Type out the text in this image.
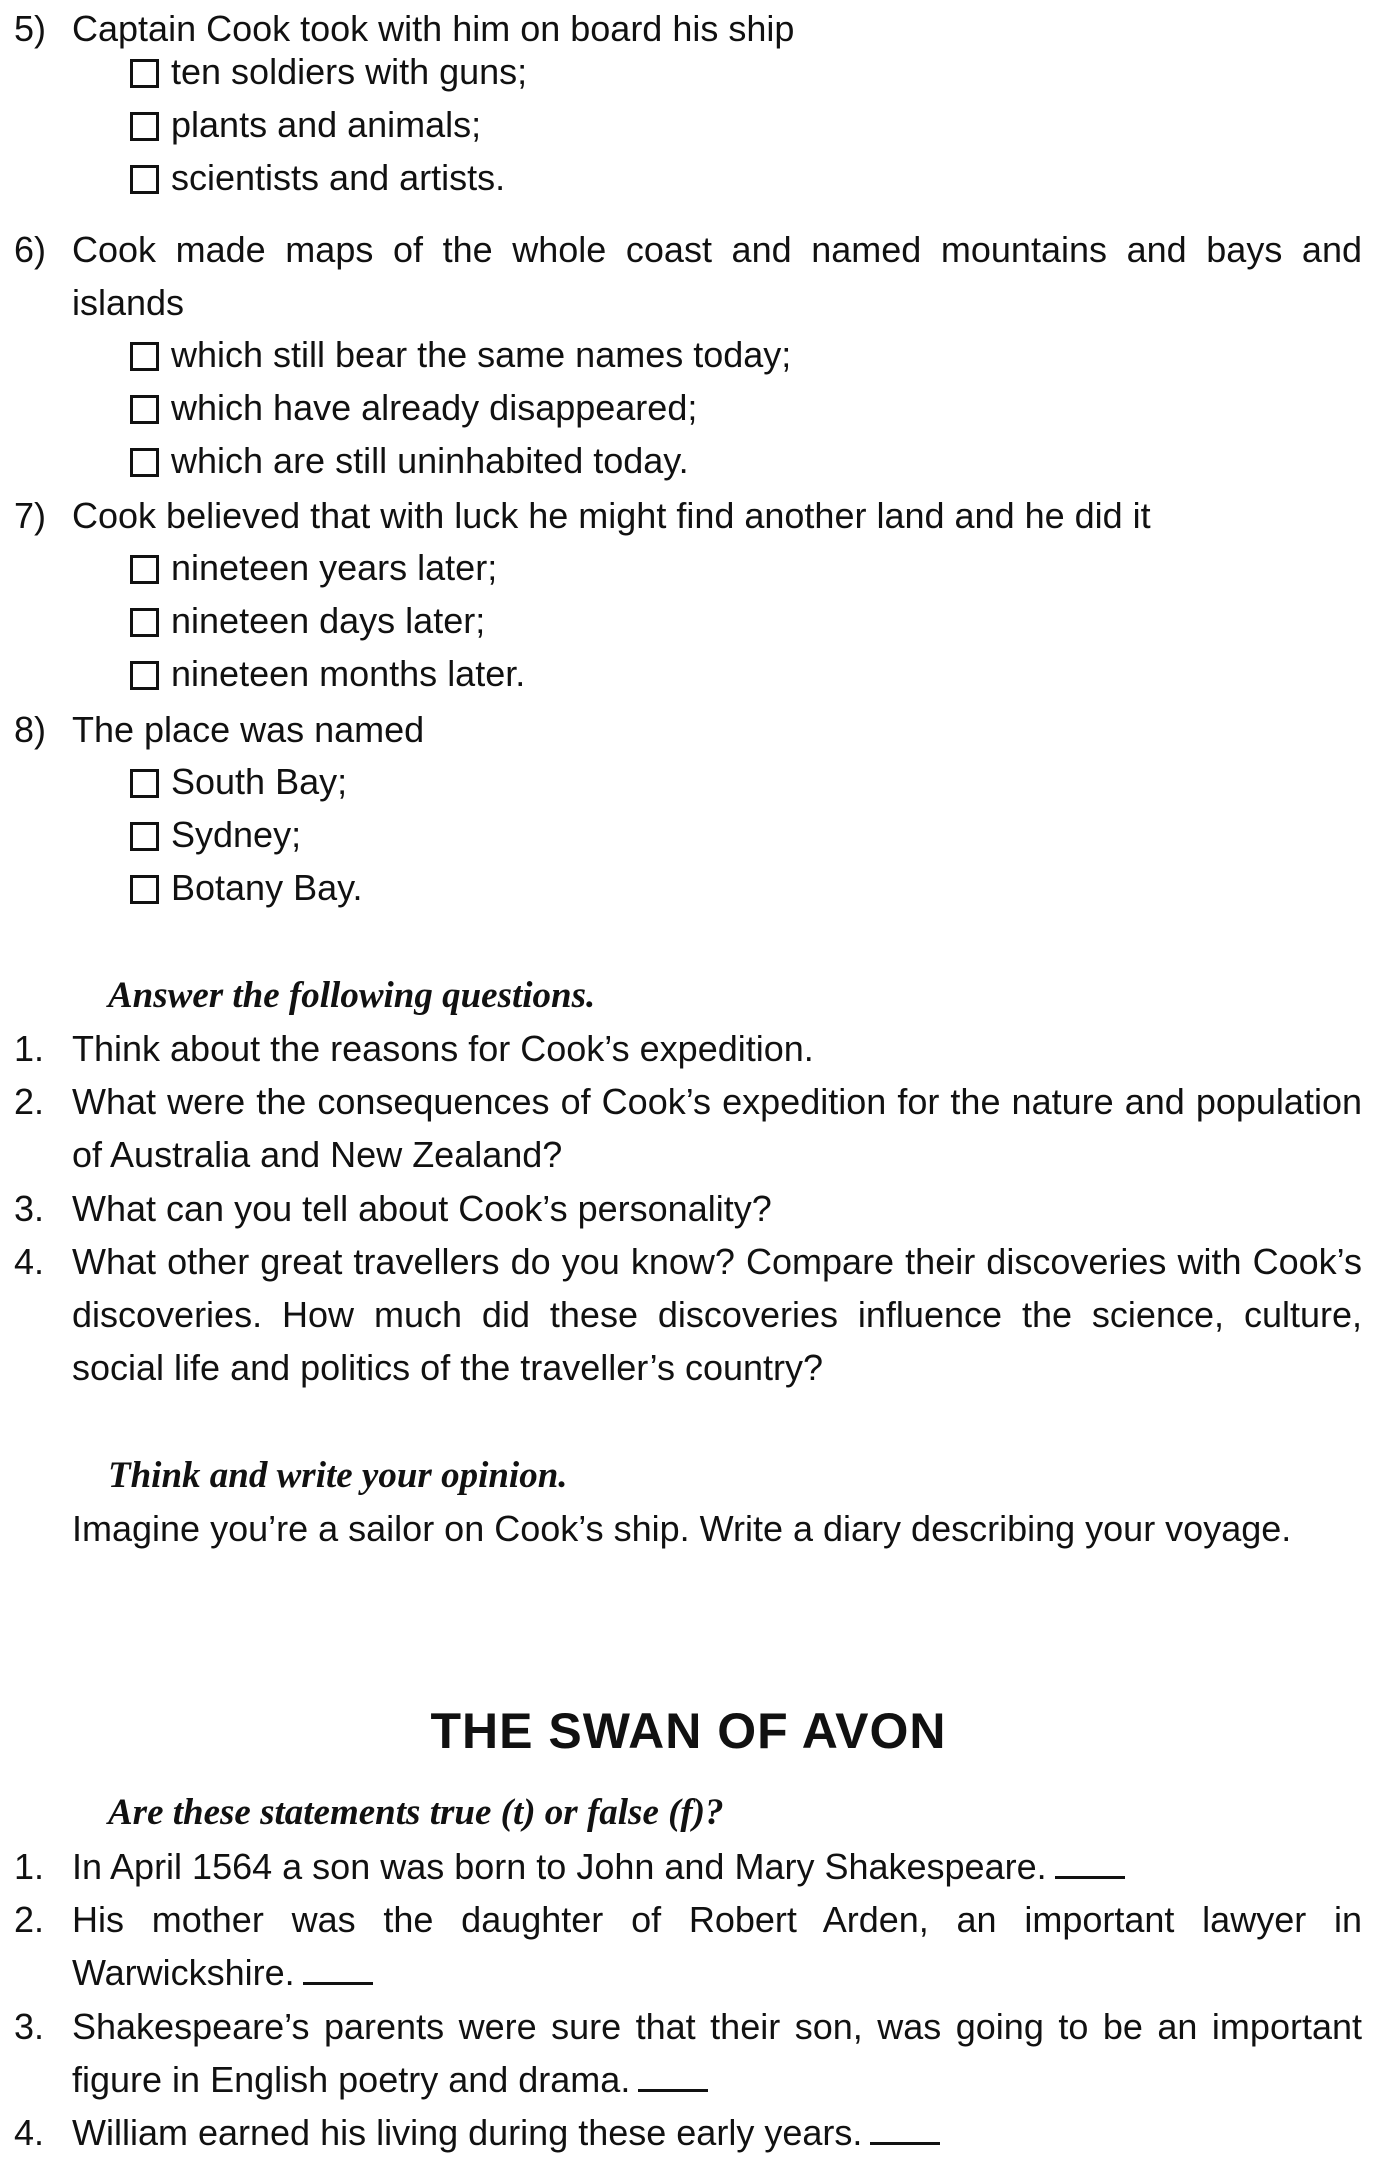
5) Captain Cook took with him on board his ship
ten soldiers with guns;
plants and animals;
scientists and artists.
6) Cook made maps of the whole coast and named mountains and bays and islands
which still bear the same names today;
which have already disappeared;
which are still uninhabited today.
7) Cook believed that with luck he might find another land and he did it
nineteen years later;
nineteen days later;
nineteen months later.
8) The place was named
South Bay;
Sydney;
Botany Bay.
Answer the following questions.
1. Think about the reasons for Cook’s expedition.
2. What were the consequences of Cook’s expedition for the nature and population of Australia and New Zealand?
3. What can you tell about Cook’s personality?
4. What other great travellers do you know? Compare their discoveries with Cook’s discoveries. How much did these discoveries influence the science, culture, social life and politics of the traveller’s country?
Think and write your opinion.
Imagine you’re a sailor on Cook’s ship. Write a diary describing your voyage.
THE SWAN OF AVON
Are these statements true (t) or false (f)?
1. In April 1564 a son was born to John and Mary Shakespeare.
2. His mother was the daughter of Robert Arden, an important lawyer in Warwickshire.
3. Shakespeare’s parents were sure that their son, was going to be an important figure in English poetry and drama.
4. William earned his living during these early years.
